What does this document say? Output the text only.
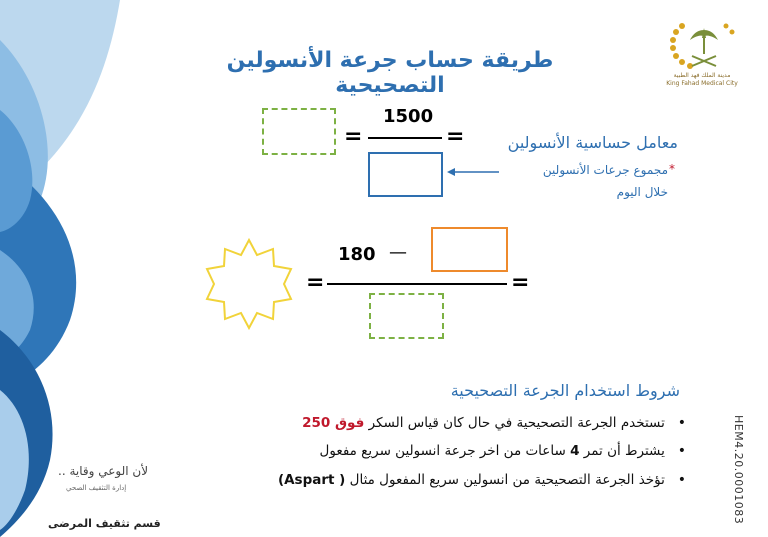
مدينة الملك فهد الطبية
King Fahad Medical City
طريقة حساب جرعة الأنسولين التصحيحية
=
1500
=	معامل حساسية الأنسولين
*
مجموع جرعات الأنسولين
خلال اليوم
=
180 —
=
شروط استخدام الجرعة التصحيحية
•   تستخدم الجرعة التصحيحية في حال كان قياس السكر فوق 250
•   يشترط أن تمر 4 ساعات من اخر جرعة انسولين سريع مفعول
•   تؤخذ الجرعة التصحيحية من انسولين سريع المفعول مثال ( Aspart)	HEM4.20.0001083
لأن الوعي وقاية ..
إدارة التثقيف الصحي
قسم تثقيف المرضى
